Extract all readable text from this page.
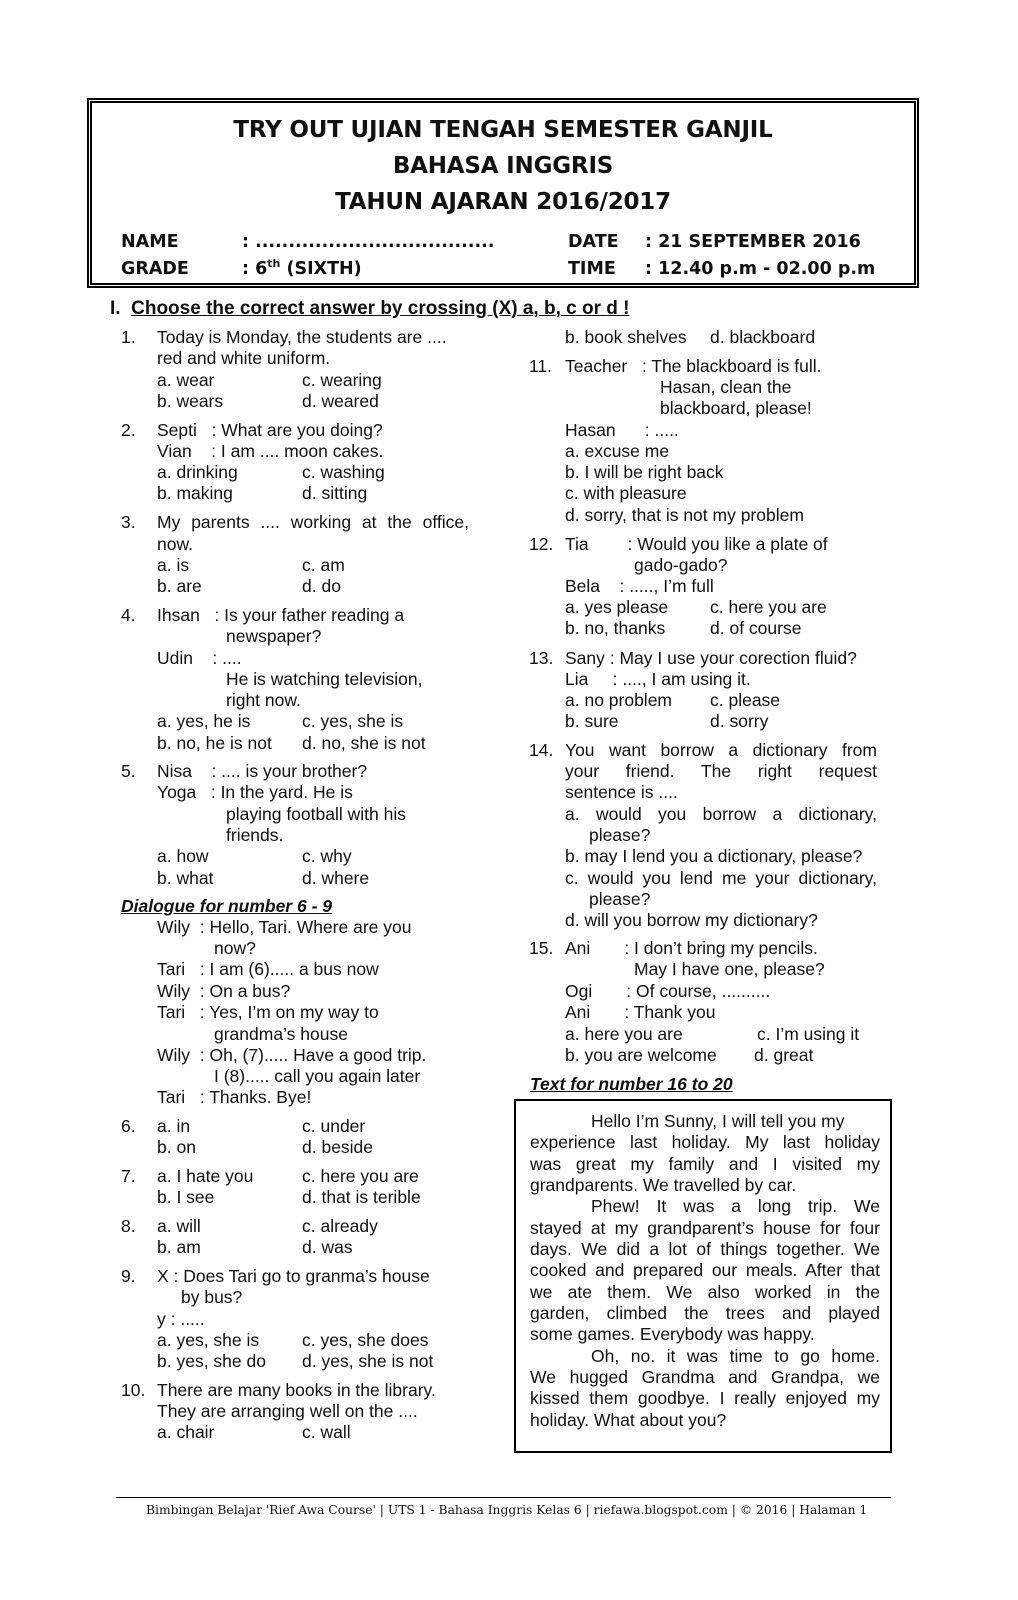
TRY OUT UJIAN TENGAH SEMESTER GANJIL
BAHASA INGGRIS
TAHUN AJARAN 2016/2017
NAME	: ....................................
GRADE	: 6th (SIXTH)
DATE : 21 SEPTEMBER 2016
TIME : 12.40 p.m - 02.00 p.m
I. Choose the correct answer by crossing (X) a, b, c or d !
1. Today is Monday, the students are ....
red and white uniform.
a. wear	c. wearing
b. wears	d. weared
2. Septi   : What are you doing?
Vian    : I am .... moon cakes.
a. drinking	c. washing
b. making	d. sitting
3. My parents .... working at the office,
now.
a. is	c. am
b. are	d. do
4. Ihsan   : Is your father reading a
newspaper?
Udin    : ....
He is watching television,
right now.
a. yes, he is	c. yes, she is
b. no, he is not d. no, she is not
5. Nisa    : .... is your brother?
Yoga   : In the yard. He is
playing football with his
friends.
a. how	c. why
b. what	d. where
Dialogue for number 6 - 9
Wily  : Hello, Tari. Where are you
now?
Tari   : I am (6)..... a bus now
Wily  : On a bus?
Tari   : Yes, I’m on my way to
grandma’s house
Wily  : Oh, (7)..... Have a good trip.
I (8)..... call you again later
Tari   : Thanks. Bye!
6. a. in	c. under
b. on	d. beside
7. a. I hate you	c. here you are
b. I see	d. that is terible
8. a. will	c. already
b. am	d. was
9. X : Does Tari go to granma’s house
by bus?
y : .....
a. yes, she is c. yes, she does
b. yes, she do d. yes, she is not
10. There are many books in the library.
They are arranging well on the ....
a. chair	c. wall
b. book shelves d. blackboard
11. Teacher   : The blackboard is full.
Hasan, clean the
blackboard, please!
Hasan      : .....
a. excuse me
b. I will be right back
c. with pleasure
d. sorry, that is not my problem
12. Tia        : Would you like a plate of
gado-gado?
Bela    : ....., I’m full
a. yes please c. here you are
b. no, thanks	d. of course
13. Sany : May I use your corection fluid?
Lia     : ...., I am using it.
a. no problem c. please
b. sure	d. sorry
14. You want borrow a dictionary from
your friend. The right request
sentence is ....
a. would you borrow a dictionary,
please?
b. may I lend you a dictionary, please?
c. would you lend me your dictionary,
please?
d. will you borrow my dictionary?
15. Ani       : I don’t bring my pencils.
May I have one, please?
Ogi       : Of course, ..........
Ani       : Thank you
a. here you are	c. I’m using it
b. you are welcome d. great
Text for number 16 to 20
Hello I’m Sunny, I will tell you my
experience last holiday. My last holiday
was great my family and I visited my
grandparents. We travelled by car.
Phew! It was a long trip. We
stayed at my grandparent’s house for four
days. We did a lot of things together. We
cooked and prepared our meals. After that
we ate them. We also worked in the
garden, climbed the trees and played
some games. Everybody was happy.
Oh, no. it was time to go home.
We hugged Grandma and Grandpa, we
kissed them goodbye. I really enjoyed my
holiday. What about you?
Bimbingan Belajar 'Rief Awa Course' | UTS 1 - Bahasa Inggris Kelas 6 | riefawa.blogspot.com | © 2016 | Halaman 1
